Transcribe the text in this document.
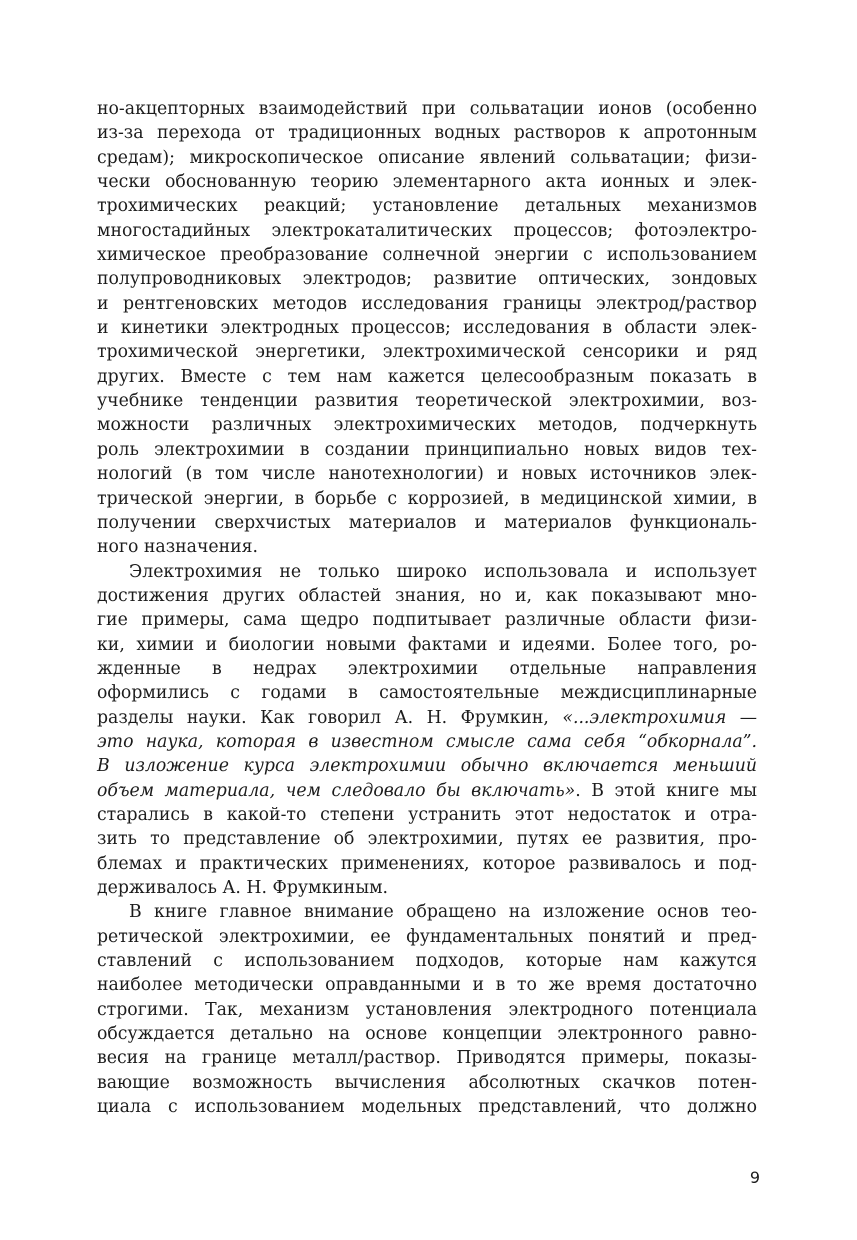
но-акцепторных взаимодействий при сольватации ионов (особенно
из-за перехода от традиционных водных растворов к апротонным
средам); микроскопическое описание явлений сольватации; физи-
чески обоснованную теорию элементарного акта ионных и элек-
трохимических реакций; установление детальных механизмов
многостадийных электрокаталитических процессов; фотоэлектро-
химическое преобразование солнечной энергии с использованием
полупроводниковых электродов; развитие оптических, зондовых
и рентгеновских методов исследования границы электрод/раствор
и кинетики электродных процессов; исследования в области элек-
трохимической энергетики, электрохимической сенсорики и ряд
других. Вместе с тем нам кажется целесообразным показать в
учебнике тенденции развития теоретической электрохимии, воз-
можности различных электрохимических методов, подчеркнуть
роль электрохимии в создании принципиально новых видов тех-
нологий (в том числе нанотехнологии) и новых источников элек-
трической энергии, в борьбе с коррозией, в медицинской химии, в
получении сверхчистых материалов и материалов функциональ-
ного назначения.
Электрохимия не только широко использовала и использует
достижения других областей знания, но и, как показывают мно-
гие примеры, сама щедро подпитывает различные области физи-
ки, химии и биологии новыми фактами и идеями. Более того, ро-
жденные в недрах электрохимии отдельные направления
оформились с годами в самостоятельные междисциплинарные
разделы науки. Как говорил А. Н. Фрумкин, «...электрохимия —
это наука, которая в известном смысле сама себя “обкорнала”.
В изложение курса электрохимии обычно включается меньший
объем материала, чем следовало бы включать». В этой книге мы
старались в какой-то степени устранить этот недостаток и отра-
зить то представление об электрохимии, путях ее развития, про-
блемах и практических применениях, которое развивалось и под-
держивалось А. Н. Фрумкиным.
В книге главное внимание обращено на изложение основ тео-
ретической электрохимии, ее фундаментальных понятий и пред-
ставлений с использованием подходов, которые нам кажутся
наиболее методически оправданными и в то же время достаточно
строгими. Так, механизм установления электродного потенциала
обсуждается детально на основе концепции электронного равно-
весия на границе металл/раствор. Приводятся примеры, показы-
вающие возможность вычисления абсолютных скачков потен-
циала с использованием модельных представлений, что должно
9
